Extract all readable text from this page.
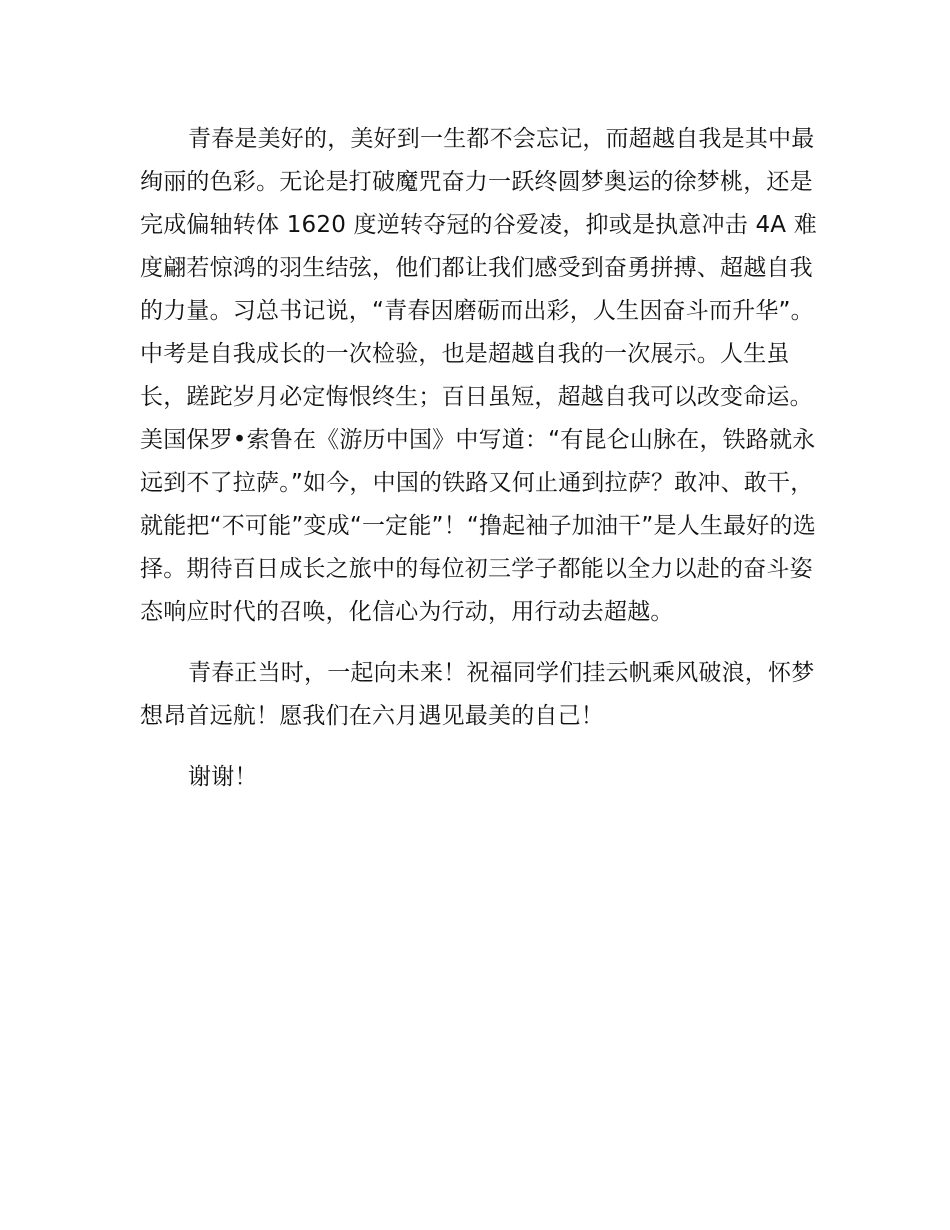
青春是美好的，美好到一生都不会忘记，而超越自我是其中最绚丽的色彩。无论是打破魔咒奋力一跃终圆梦奥运的徐梦桃，还是完成偏轴转体 1620 度逆转夺冠的谷爱凌，抑或是执意冲击 4A 难度翩若惊鸿的羽生结弦，他们都让我们感受到奋勇拼搏、超越自我的力量。习总书记说，“青春因磨砺而出彩，人生因奋斗而升华”。中考是自我成长的一次检验，也是超越自我的一次展示。人生虽长，蹉跎岁月必定悔恨终生；百日虽短，超越自我可以改变命运。美国保罗•索鲁在《游历中国》中写道：“有昆仑山脉在，铁路就永远到不了拉萨。”如今，中国的铁路又何止通到拉萨？敢冲、敢干，就能把“不可能”变成“一定能”！“撸起袖子加油干”是人生最好的选择。期待百日成长之旅中的每位初三学子都能以全力以赴的奋斗姿态响应时代的召唤，化信心为行动，用行动去超越。

青春正当时，一起向未来！祝福同学们挂云帆乘风破浪，怀梦想昂首远航！愿我们在六月遇见最美的自己！

谢谢！
